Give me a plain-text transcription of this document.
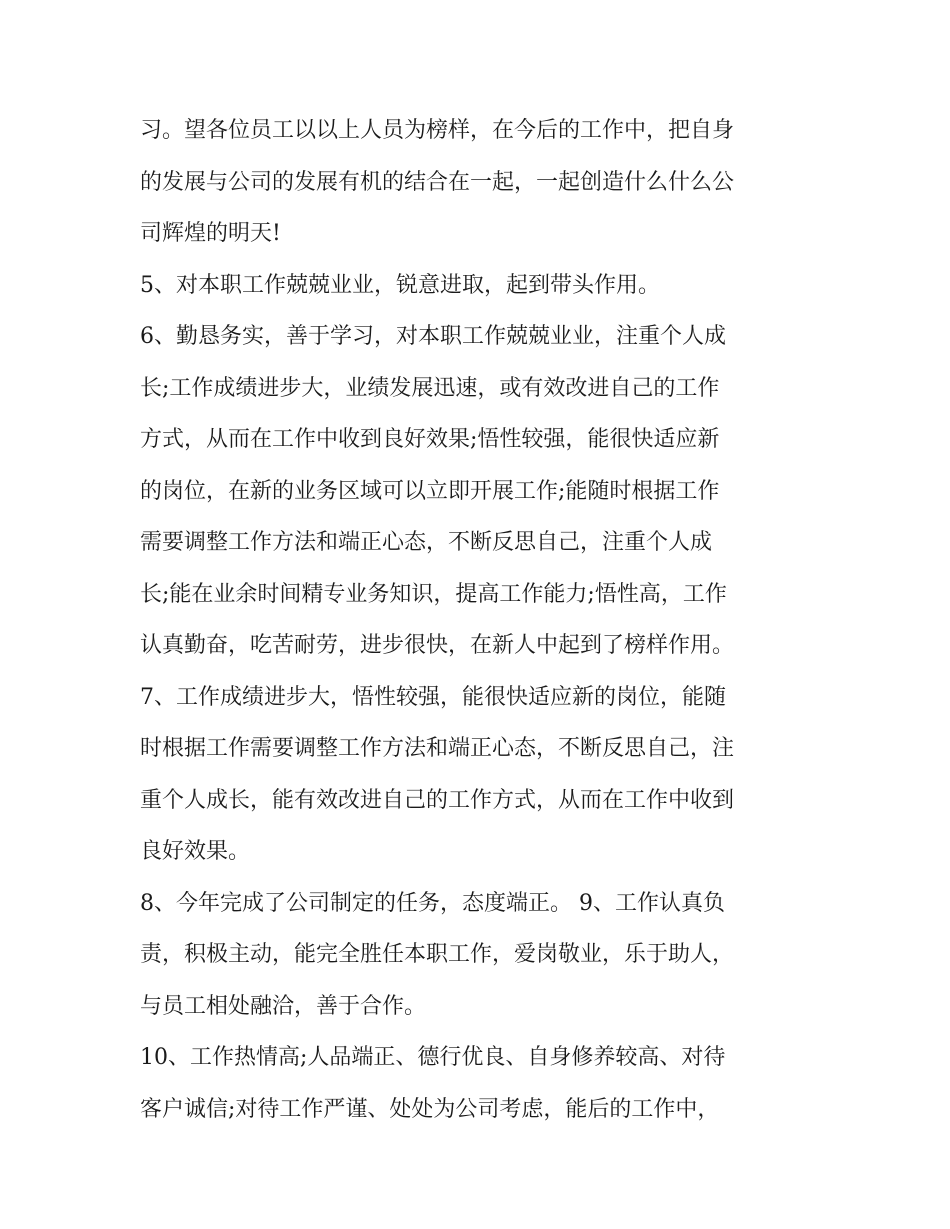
习。望各位员工以以上人员为榜样，在今后的工作中，把自身
的发展与公司的发展有机的结合在一起，一起创造什么什么公
司辉煌的明天!
5、对本职工作兢兢业业，锐意进取，起到带头作用。
6、勤恳务实，善于学习，对本职工作兢兢业业，注重个人成
长;工作成绩进步大，业绩发展迅速，或有效改进自己的工作
方式，从而在工作中收到良好效果;悟性较强，能很快适应新
的岗位，在新的业务区域可以立即开展工作;能随时根据工作
需要调整工作方法和端正心态，不断反思自己，注重个人成
长;能在业余时间精专业务知识，提高工作能力;悟性高，工作
认真勤奋，吃苦耐劳，进步很快，在新人中起到了榜样作用。
7、工作成绩进步大，悟性较强，能很快适应新的岗位，能随
时根据工作需要调整工作方法和端正心态，不断反思自己，注
重个人成长，能有效改进自己的工作方式，从而在工作中收到
良好效果。
8、今年完成了公司制定的任务，态度端正。 9、工作认真负
责，积极主动，能完全胜任本职工作，爱岗敬业，乐于助人，
与员工相处融洽，善于合作。
10、工作热情高;人品端正、德行优良、自身修养较高、对待
客户诚信;对待工作严谨、处处为公司考虑，能后的工作中，
